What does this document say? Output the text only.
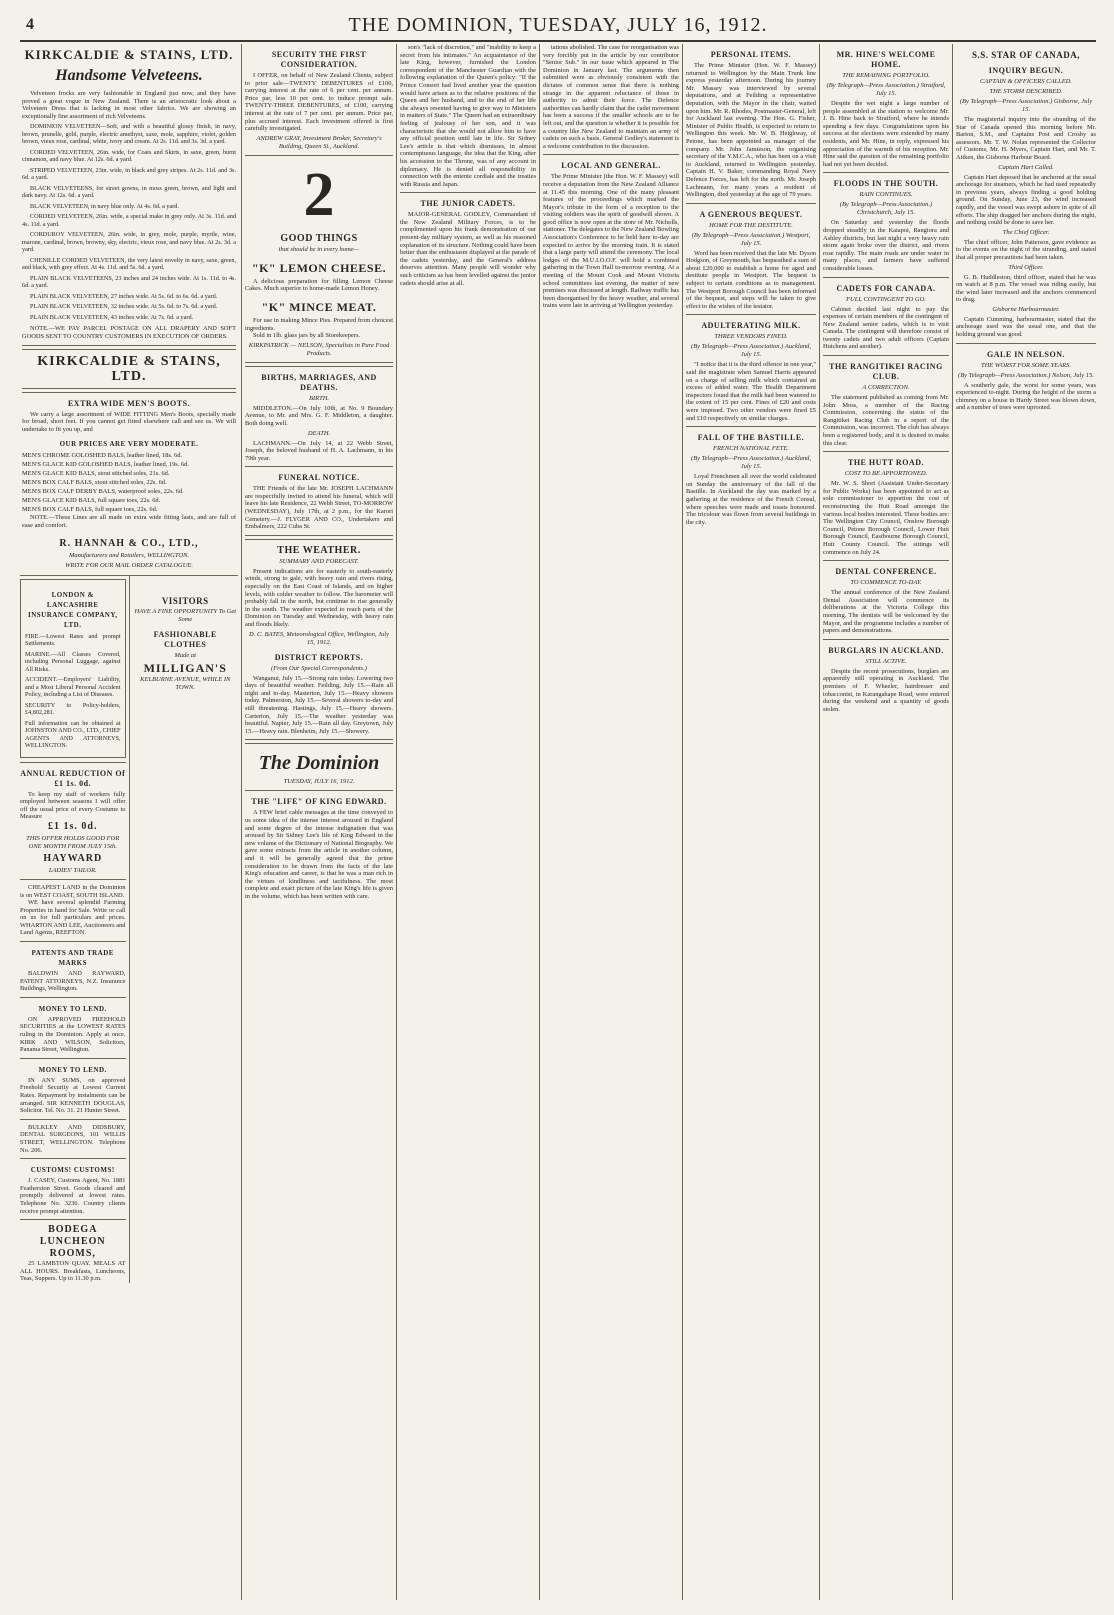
4	THE DOMINION, TUESDAY, JULY 16, 1912.
KIRKCALDIE & STAINS, LTD.
Handsome Velveteens.

Velveteen frocks are very fashionable in England just now, and they have proved a great vogue in New Zealand. There is an aristocratic look about a Velveteen Dress that is lacking in most other fabrics. We are showing an exceptionally fine assortment of rich Velveteens.

DOMINION VELVETEEN—Soft, and with a beautiful glossy finish, in navy, brown, prunelle, gold, purple, electric amethyst, saxe, mole, sapphire, violet, golden brown, vieux rose, cardinal, white, ivory and cream. At 2s. 11d. and 3s. 3d. a yard.
CORDED VELVETEEN, 26in. wide, for Coats and Skirts, in saxe, green, burnt cinnamon, and navy blue. At 12s. 6d. a yard.
STRIPED VELVETEEN, 23in. wide, in black and grey stripes. At 2s. 11d. and 3s. 6d. a yard.
BLACK VELVETEENS, for street gowns, in moss green, brown, and light and dark navy. At 12s. 6d. a yard.
BLACK VELVETEEN, in navy blue only. At 4s. 6d. a yard.
CORDED VELVETEEN, 26in. wide, a special make in grey only. At 3s. 11d. and 4s. 11d. a yard.
CORDUROY VELVETEEN, 26in. wide, in grey, mole, purple, myrtle, wine, marone, cardinal, brown, browny, sky, electric, vieux rose, and navy blue. At 2s. 3d. a yard.
CHENILLE CORDED VELVETEEN, the very latest novelty in navy, saxe, green, and black, with grey effect. At 4s. 11d. and 5s. 6d. a yard.
PLAIN BLACK VELVETEENS, 23 inches and 24 inches wide. At 1s. 11d. to 4s. 6d. a yard.
PLAIN BLACK VELVETEEN, 27 inches wide. At 5s. 6d. to 6s. 6d. a yard.
PLAIN BLACK VELVETEEN, 32 inches wide. At 5s. 6d. to 7s. 6d. a yard.
PLAIN BLACK VELVETEEN, 43 inches wide. At 7s. 6d. a yard.

NOTE.—WE PAY PARCEL POSTAGE ON ALL DRAPERY AND SOFT GOODS SENT TO COUNTRY CUSTOMERS IN EXECUTION OF ORDERS.

KIRKCALDIE & STAINS, LTD.
EXTRA WIDE MEN'S BOOTS.

We carry a large assortment of WIDE FITTING Men's Boots, specially made for broad, short feet. If you cannot get fitted elsewhere call and see us. We will undertake to fit you up, and

OUR PRICES ARE VERY MODERATE.
MEN'S CHROME GOLOSHED BALS, leather lined, 18s. 6d.
MEN'S GLACE KID GOLOSHED BALS, leather lined, 19s. 6d.
MEN'S GLACE KID BALS, stout stitched soles, 21s. 6d.
MEN'S BOX CALF BALS, stout stitched soles, 22s. 6d.
MEN'S BOX CALF DERBY BALS, waterproof soles, 22s. 6d.
MEN'S GLACE KID BALS, full square toes, 22s. 6d.
MEN'S BOX CALF BALS, full square toes, 22s. 6d.

NOTE.—These Lines are all made on extra wide fitting lasts, and are full of ease and comfort.

R. HANNAH & CO., LTD.,
Manufacturers and Retailers, WELLINGTON.
WRITE FOR OUR MAIL ORDER CATALOGUE.
LONDON & LANCASHIRE INSURANCE COMPANY, LTD.
FIRE.—Lowest Rates and prompt Settlements.
MARINE.—All Classes Covered, including Personal Luggage, against All Risks.
ACCIDENT.—Employers' Liability, and a Most Liberal Personal Accident Policy, including a List of Diseases.
SECURITY to Policy-holders, £4,802,281.
Full information can be obtained at JOHNSTON AND CO., LTD., CHIEF AGENTS AND ATTORNEYS, WELLINGTON.
ANNUAL REDUCTION Of £1 1s. 0d.

To keep my staff of workers fully employed between seasons I will offer off the usual price of every Costume to Measure

£1 1s. 0d.
THIS OFFER HOLDS GOOD FOR ONE MONTH FROM JULY 15th.
HAYWARD
LADIES' TAILOR.

CHEAPEST LAND in the Dominion is on WEST COAST, SOUTH ISLAND.

WE have several splendid Farming Properties in hand for Sale. Write or call on us for full particulars and prices. WHARTON AND LEE, Auctioneers and Land Agents, REEFTON.

PATENTS AND TRADE MARKS

BALDWIN AND RAYWARD, PATENT ATTORNEYS, N.Z. Insurance Buildings, Wellington.

MONEY TO LEND.

ON APPROVED FREEHOLD SECURITIES at the LOWEST RATES ruling in the Dominion. Apply at once. KIRK AND WILSON, Solicitors, Panama Street, Wellington.

MONEY TO LEND.

IN ANY SUMS, on approved Freehold Security at Lowest Current Rates. Repayment by instalments can be arranged. SIR KENNETH DOUGLAS, Solicitor. Tel. No. 31. 21 Hunter Street.

BULKLEY AND DIDSBURY, DENTAL SURGEONS, 101 WILLIS STREET, WELLINGTON. Telephone No. 206.

CUSTOMS! CUSTOMS!

J. CASEY, Customs Agent, No. 1881 Featherston Street. Goods cleared and promptly delivered at lowest rates. Telephone No. 3236. Country clients receive prompt attention.

BODEGA LUNCHEON ROOMS,

25 LAMBTON QUAY. MEALS AT ALL HOURS. Breakfasts, Luncheons, Teas, Suppers. Up to 11.30 p.m.

VISITORS
HAVE A FINE OPPORTUNITY To Get Some
FASHIONABLE CLOTHES
Made at
MILLIGAN'S
KELBURNE AVENUE, WHILE IN TOWN.
SECURITY THE FIRST CONSIDERATION.

I OFFER, on behalf of New Zealand Clients, subject to prior sale—TWENTY DEBENTURES of £100, carrying interest at the rate of 6 per cent. per annum. Price par, less 10 per cent. to induce prompt sale. TWENTY-THREE DEBENTURES, of £100, carrying interest at the rate of 7 per cent. per annum. Price par, plus accrued interest. Each investment offered is first carefully investigated.

ANDREW GRAY, Investment Broker, Secretary's Building, Queen St., Auckland.
2
GOOD THINGS
that should be in every home—
"K" LEMON CHEESE.

A delicious preparation for filling Lemon Cheese Cakes. Much superior to home-made Lemon Honey.

"K" MINCE MEAT.

For use in making Mince Pies. Prepared from choicest ingredients.

Sold in 1lb. glass jars by all Storekeepers.

KIRKPATRICK — NELSON, Specialists in Pure Food Products.
BIRTHS, MARRIAGES, AND DEATHS.
BIRTH.

MIDDLETON.—On July 10th, at No. 9 Boundary Avenue, to Mr. and Mrs. G. F. Middleton, a daughter. Both doing well.

DEATH.

LACHMANN.—On July 14, at 22 Webb Street, Joseph, the beloved husband of H. A. Lachmann, in his 79th year.

FUNERAL NOTICE.

THE Friends of the late Mr. JOSEPH LACHMANN are respectfully invited to attend his funeral, which will leave his late Residence, 22 Webb Street, TO-MORROW (WEDNESDAY), July 17th, at 2 p.m., for the Karori Cemetery.—J. FLYGER AND CO., Undertakers and Embalmers, 222 Cuba St.

THE WEATHER.
SUMMARY AND FORECAST.

Present indications are for easterly to south-easterly winds, strong to gale, with heavy rain and rivers rising, especially on the East Coast of Islands, and on higher levels, with colder weather to follow. The barometer will probably fall in the north, but continue to rise generally in the south. The weather expected to reach parts of the Dominion on Tuesday and Wednesday, with heavy rain and floods likely.

D. C. BATES, Meteorological Office, Wellington, July 15, 1912.
DISTRICT REPORTS.
(From Our Special Correspondents.)

Wanganui, July 15.—Strong rain today. Lowering two days of beautiful weather. Feilding, July 15.—Rain all night and to-day. Masterton, July 15.—Heavy showers today. Palmerston, July 15.—Several showers to-day and still threatening. Hastings, July 15.—Heavy showers. Carterton, July 15.—The weather yesterday was beautiful. Napier, July 15.—Rain all day. Greytown, July 15.—Heavy rain. Blenheim, July 15.—Showery.

The Dominion
TUESDAY, JULY 16, 1912.
THE "LIFE" OF KING EDWARD.

A FEW brief cable messages at the time conveyed to us some idea of the intense interest aroused in England and some degree of the intense indignation that was aroused by Sir Sidney Lee's life of King Edward in the new volume of the Dictionary of National Biography. We gave some extracts from the article in another column, and it will be generally agreed that the prime consideration to be drawn from the facts of the late King's education and career, is that he was a man rich in the virtues of kindliness and tactfulness. The most complete and exact picture of the late King's life is given in the volume, which has been written with care.

son's "lack of discretion," and "inability to keep a secret from his intimates." An acquaintance of the late King, however, furnished the London correspondent of the Manchester Guardian with the following explanation of the Queen's policy: "If the Prince Consort had lived another year the question would have arisen as to the relative positions of the Queen and her husband, and to the end of her life she always resented having to give way to Ministers in matters of State." The Queen had an extraordinary feeling of jealousy of her son, and it was characteristic that she would not allow him to have any official position until late in life. Sir Sidney Lee's article is that which dismisses, in almost contemptuous language, the idea that the King, after his accession to the Throne, was of any account in diplomacy. He is denied all responsibility in connection with the entente cordiale and the treaties with Russia and Japan.

THE JUNIOR CADETS.

MAJOR-GENERAL GODLEY, Commandant of the New Zealand Military Forces, is to be complimented upon his frank demonstration of our present-day military system, as well as his reasoned explanation of its structure. Nothing could have been better than the enthusiasm displayed at the parade of the cadets yesterday, and the General's address deserves attention. Many people will wonder why such criticism as has been levelled against the junior cadets should arise at all.

tations abolished. The case for reorganisation was very forcibly put in the article by our contributor "Senior Sub." in our issue which appeared in The Dominion in January last. The arguments then submitted were as obviously consistent with the dictates of common sense that there is nothing strange in the apparent reluctance of those in authority to admit their force. The Defence authorities can hardly claim that the cadet movement has been a success if the smaller schools are to be left out, and the question is whether it is possible for a country like New Zealand to maintain an army of cadets on such a basis. General Godley's statement is a welcome contribution to the discussion.

LOCAL AND GENERAL.

The Prime Minister (the Hon. W. F. Massey) will receive a deputation from the New Zealand Alliance at 11.45 this morning. One of the many pleasant features of the proceedings which marked the Mayor's tribute in the form of a reception to the visiting soldiers was the spirit of goodwill shown. A good office is now open at the store of Mr. Nicholls, stationer. The delegates to the New Zealand Bowling Association's Conference to be held here to-day are expected to arrive by the morning train. It is stated that a large party will attend the ceremony. The local lodges of the M.U.I.O.O.F. will hold a combined gathering in the Town Hall to-morrow evening. At a meeting of the Mount Cook and Mount Victoria school committees last evening, the matter of new premises was discussed at length. Railway traffic has been disorganised by the heavy weather, and several trains were late in arriving at Wellington yesterday.

PERSONAL ITEMS.

The Prime Minister (Hon. W. F. Massey) returned to Wellington by the Main Trunk line express yesterday afternoon. During his journey Mr. Massey was interviewed by several deputations, and at Feilding a representative deputation, with the Mayor in the chair, waited upon him. Mr. R. Rhodes, Postmaster-General, left for Auckland last evening. The Hon. G. Fisher, Minister of Public Health, is expected to return to Wellington this week. Mr. W. B. Heighway, of Petone, has been appointed as manager of the company. Mr. John Jamieson, the organising secretary of the Y.M.C.A., who has been on a visit to Auckland, returned to Wellington yesterday. Captain H. V. Baker, commanding Royal Navy Defence Forces, has left for the north. Mr. Joseph Lachmann, for many years a resident of Wellington, died yesterday at the age of 79 years.

A GENEROUS BEQUEST.
HOME FOR THE DESTITUTE.
(By Telegraph—Press Association.) Westport, July 15.

Word has been received that the late Mr. Dyson Hodgson, of Greymouth, has bequeathed a sum of about £20,000 to establish a home for aged and destitute people in Westport. The bequest is subject to certain conditions as to management. The Westport Borough Council has been informed of the bequest, and steps will be taken to give effect to the wishes of the testator.

ADULTERATING MILK.
THREE VENDORS FINED.
(By Telegraph—Press Association.) Auckland, July 15.

"I notice that it is the third offence in one year," said the magistrate when Samuel Harris appeared on a charge of selling milk which contained an excess of added water. The Health Department inspectors found that the milk had been watered to the extent of 15 per cent. Fines of £20 and costs were imposed. Two other vendors were fined £5 and £10 respectively on similar charges.

FALL OF THE BASTILLE.
FRENCH NATIONAL FETE.
(By Telegraph—Press Association.) Auckland, July 15.

Loyal Frenchmen all over the world celebrated on Sunday the anniversary of the fall of the Bastille. In Auckland the day was marked by a gathering at the residence of the French Consul, where speeches were made and toasts honoured. The tricolour was flown from several buildings in the city.

MR. HINE'S WELCOME HOME.
THE REMAINING PORTFOLIO.
(By Telegraph—Press Association.) Stratford, July 15.

Despite the wet night a large number of people assembled at the station to welcome Mr. J. B. Hine back to Stratford, where he intends spending a few days. Congratulations upon his success at the elections were extended by many residents, and Mr. Hine, in reply, expressed his appreciation of the warmth of his reception. Mr. Hine said the question of the remaining portfolio had not yet been decided.

FLOODS IN THE SOUTH.
RAIN CONTINUES.
(By Telegraph—Press Association.) Christchurch, July 15.

On Saturday and yesterday the floods dropped steadily in the Kaiapoi, Rangiora and Ashley districts, but last night a very heavy rain storm again broke over the district, and rivers rose rapidly. The main roads are under water in many places, and farmers have suffered considerable losses.

CADETS FOR CANADA.
FULL CONTINGENT TO GO.

Cabinet decided last night to pay the expenses of certain members of the contingent of New Zealand senior cadets, which is to visit Canada. The contingent will therefore consist of twenty cadets and two adult officers (Captain Hutchens and another).

THE RANGITIKEI RACING CLUB.
A CORRECTION.

The statement published as coming from Mr. John Moss, a member of the Racing Commission, concerning the status of the Rangitikei Racing Club in a report of the Commission, was incorrect. The club has always been a registered body, and it is desired to make this clear.

THE HUTT ROAD.
COST TO BE APPORTIONED.

Mr. W. S. Short (Assistant Under-Secretary for Public Works) has been appointed to act as sole commissioner to apportion the cost of reconstructing the Hutt Road amongst the various local bodies interested. These bodies are: The Wellington City Council, Onslow Borough Council, Petone Borough Council, Lower Hutt Borough Council, Eastbourne Borough Council, Hutt County Council. The sittings will commence on July 24.

DENTAL CONFERENCE.
TO COMMENCE TO-DAY.

The annual conference of the New Zealand Dental Association will commence its deliberations at the Victoria College this morning. The dentists will be welcomed by the Mayor, and the programme includes a number of papers and demonstrations.

BURGLARS IN AUCKLAND.
STILL ACTIVE.

Despite the recent prosecutions, burglars are apparently still operating in Auckland. The premises of F. Wheeler, hairdresser and tobacconist, in Karangahape Road, were entered during the weekend and a quantity of goods stolen.

S.S. STAR OF CANADA,
INQUIRY BEGUN.
CAPTAIN & OFFICERS CALLED.
THE STORM DESCRIBED.
(By Telegraph—Press Association.) Gisborne, July 15.

The magisterial inquiry into the stranding of the Star of Canada opened this morning before Mr. Barton, S.M., and Captains Post and Crosby as assessors. Mr. T. W. Nolan represented the Collector of Customs, Mr. H. Myers, Captain Hart, and Mr. T. Aitken, the Gisborne Harbour Board.

Captain Hart Called.

Captain Hart deposed that he anchored at the usual anchorage for steamers, which he had used repeatedly in previous years, always finding a good holding ground. On Sunday, June 23, the wind increased rapidly, and the vessel was swept ashore in spite of all efforts. The ship dragged her anchors during the night, and nothing could be done to save her.

The Chief Officer.

The chief officer, John Patterson, gave evidence as to the events on the night of the stranding, and stated that all proper precautions had been taken.

Third Officer.

G. B. Huddleston, third officer, stated that he was on watch at 8 p.m. The vessel was riding easily, but the wind later increased and the anchors commenced to drag.

Gisborne Harbourmaster.

Captain Cumming, harbourmaster, stated that the anchorage used was the usual one, and that the holding ground was good.

GALE IN NELSON.
THE WORST FOR SOME YEARS.
(By Telegraph—Press Association.) Nelson, July 15.

A southerly gale, the worst for some years, was experienced to-night. During the height of the storm a chimney on a house in Hardy Street was blown down, and a number of trees were uprooted.
